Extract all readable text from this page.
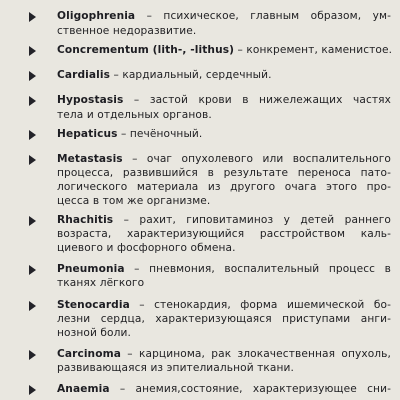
Oligophrenia – психическое, главным образом, ум-
ственное недоразвитие.
Concrementum (lith-, -lithus) – конкремент, каменистое.
Cardialis – кардиальный, сердечный.
Hypostasis – застой крови в нижележащих частях
тела и отдельных органов.
Hepaticus – печёночный.
Metastasis – очаг опухолевого или воспалительного
процесса, развившийся в результате переноса пато-
логического материала из другого очага этого про-
цесса в том же организме.
Rhachitis – рахит, гиповитаминоз у детей раннего
возраста, характеризующийся расстройством каль-
циевого и фосфорного обмена.
Pneumonia – пневмония, воспалительный процесс в
тканях лёгкого
Stenocardia – стенокардия, форма ишемической бо-
лезни сердца, характеризующаяся приступами анги-
нозной боли.
Carcinoma – карцинома, рак злокачественная опухоль,
развивающаяся из эпителиальной ткани.
Anaemia – анемия,состояние, характеризующее сни-
